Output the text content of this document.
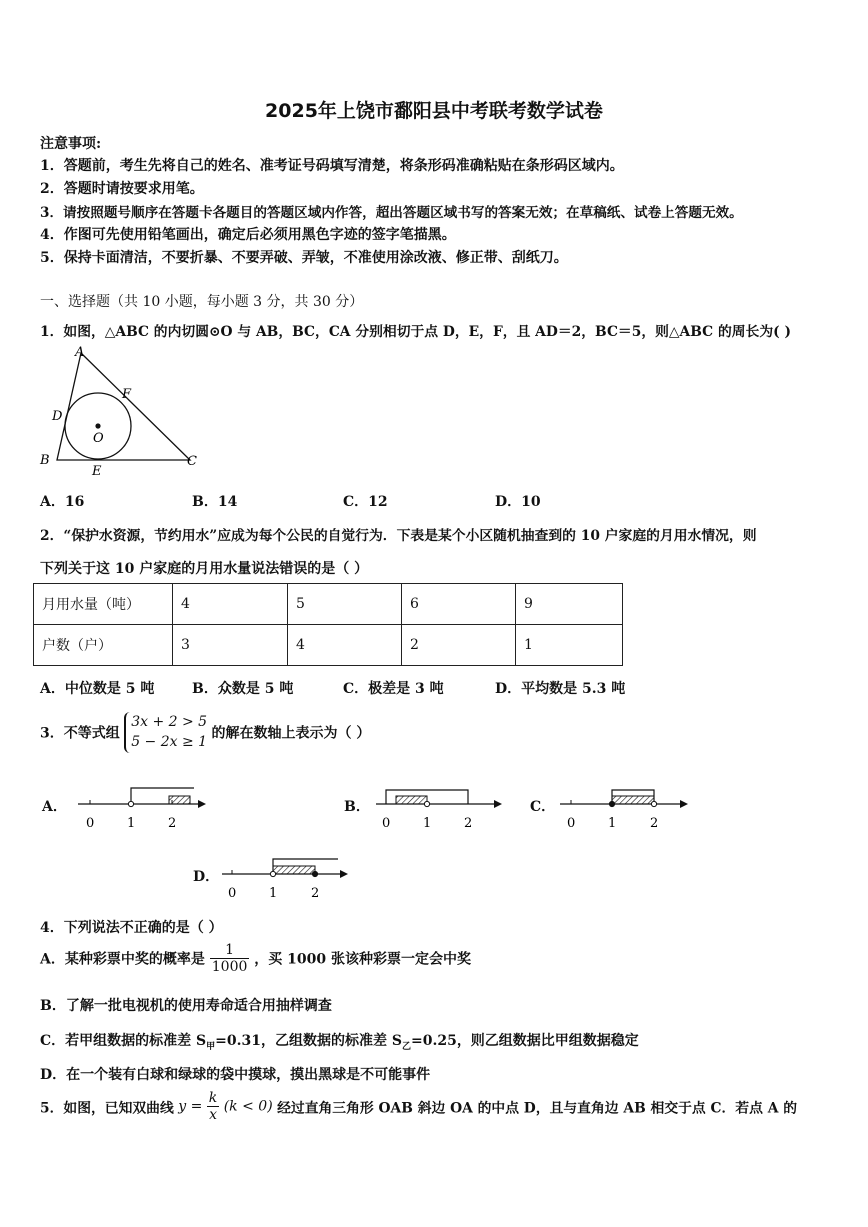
2025年上饶市鄱阳县中考联考数学试卷
注意事项:
1．答题前，考生先将自己的姓名、准考证号码填写清楚，将条形码准确粘贴在条形码区域内。
2．答题时请按要求用笔。
3．请按照题号顺序在答题卡各题目的答题区域内作答，超出答题区域书写的答案无效；在草稿纸、试卷上答题无效。
4．作图可先使用铅笔画出，确定后必须用黑色字迹的签字笔描黑。
5．保持卡面清洁，不要折暴、不要弄破、弄皱，不准使用涂改液、修正带、刮纸刀。
一、选择题（共 10 小题，每小题 3 分，共 30 分）
1．如图，△ABC 的内切圆⊙O 与 AB，BC，CA 分别相切于点 D，E，F，且 AD＝2，BC＝5，则△ABC 的周长为( )
A
B	C
D
E
F
O
A．16	B．14	C．12	D．10
2．“保护水资源，节约用水”应成为每个公民的自觉行为．下表是某个小区随机抽查到的 10 户家庭的月用水情况，则
下列关于这 10 户家庭的月用水量说法错误的是（ ）
月用水量（吨）	4	5	6	9
户数（户）	3	4	2	1
A．中位数是 5 吨	B．众数是 5 吨	C．极差是 3 吨	D．平均数是 5.3 吨
3．不等式组
3x + 2 > 5
5 − 2x ≥ 1
的解在数轴上表示为（ ）
A．
0	1	2
B．
0	1	2
C．
0	1	2
D．
0	1	2
4．下列说法不正确的是（ ）
A．某种彩票中奖的概率是 $\frac{1}{1000}$ ，买 1000 张该种彩票一定会中奖
B．了解一批电视机的使用寿命适合用抽样调查
C．若甲组数据的标准差 $S_甲=0.31$，乙组数据的标准差 $S_乙=0.25$，则乙组数据比甲组数据稳定
D．在一个装有白球和绿球的袋中摸球，摸出黑球是不可能事件
5．如图，已知双曲线 $y = \frac{k}{x} (k < 0)$ 经过直角三角形 OAB 斜边 OA 的中点 D，且与直角边 AB 相交于点 C．若点 A 的
